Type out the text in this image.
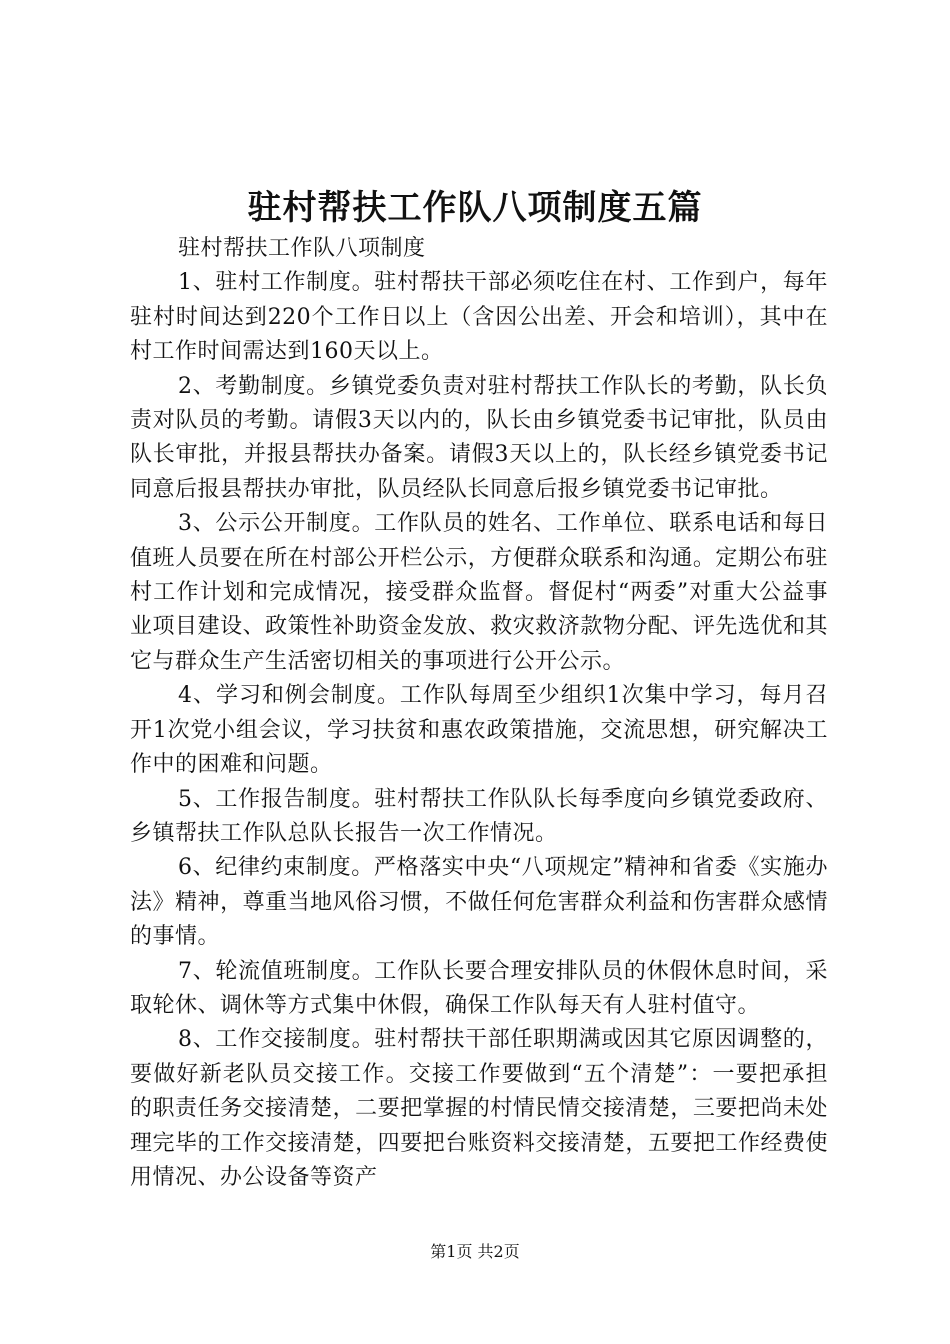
驻村帮扶工作队八项制度五篇

驻村帮扶工作队八项制度

1、驻村工作制度。驻村帮扶干部必须吃住在村、工作到户，每年驻村时间达到220个工作日以上（含因公出差、开会和培训），其中在村工作时间需达到160天以上。

2、考勤制度。乡镇党委负责对驻村帮扶工作队长的考勤，队长负责对队员的考勤。请假3天以内的，队长由乡镇党委书记审批，队员由队长审批，并报县帮扶办备案。请假3天以上的，队长经乡镇党委书记同意后报县帮扶办审批，队员经队长同意后报乡镇党委书记审批。

3、公示公开制度。工作队员的姓名、工作单位、联系电话和每日值班人员要在所在村部公开栏公示，方便群众联系和沟通。定期公布驻村工作计划和完成情况，接受群众监督。督促村“两委”对重大公益事业项目建设、政策性补助资金发放、救灾救济款物分配、评先选优和其它与群众生产生活密切相关的事项进行公开公示。

4、学习和例会制度。工作队每周至少组织1次集中学习，每月召开1次党小组会议，学习扶贫和惠农政策措施，交流思想，研究解决工作中的困难和问题。

5、工作报告制度。驻村帮扶工作队队长每季度向乡镇党委政府、乡镇帮扶工作队总队长报告一次工作情况。

6、纪律约束制度。严格落实中央“八项规定”精神和省委《实施办法》精神，尊重当地风俗习惯，不做任何危害群众利益和伤害群众感情的事情。

7、轮流值班制度。工作队长要合理安排队员的休假休息时间，采取轮休、调休等方式集中休假，确保工作队每天有人驻村值守。

8、工作交接制度。驻村帮扶干部任职期满或因其它原因调整的，要做好新老队员交接工作。交接工作要做到“五个清楚”：一要把承担的职责任务交接清楚，二要把掌握的村情民情交接清楚，三要把尚未处理完毕的工作交接清楚，四要把台账资料交接清楚，五要把工作经费使用情况、办公设备等资产

第1页 共2页
